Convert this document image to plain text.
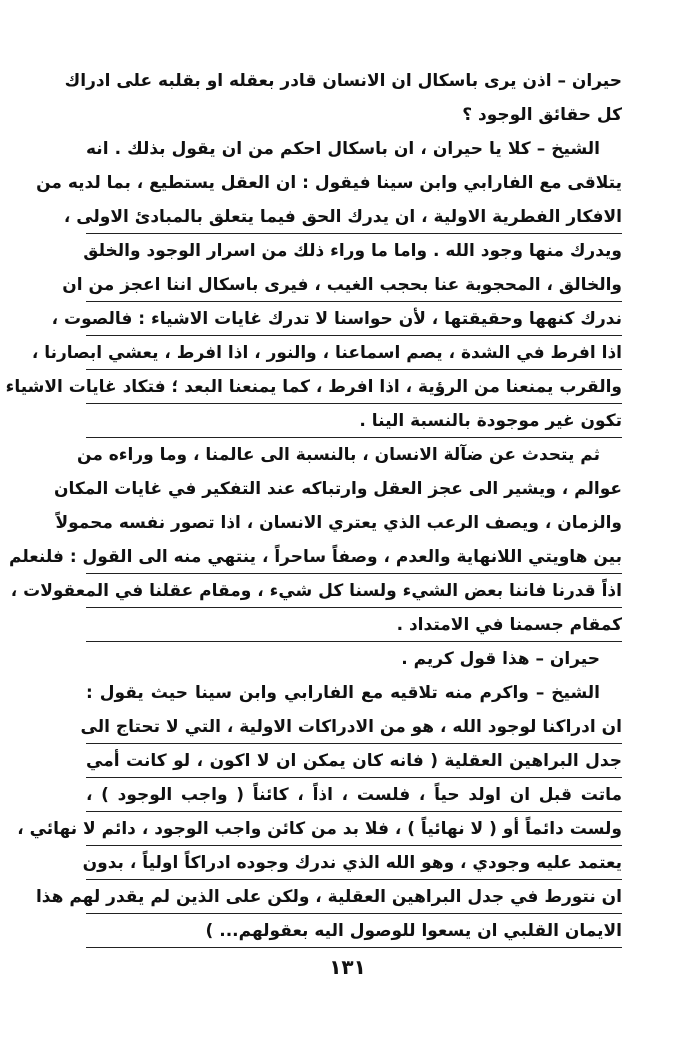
حيران – اذن يرى باسكال ان الانسان قادر بعقله او بقلبه على ادراك
كل حقائق الوجود ؟
الشيخ – كلا يا حيران ، ان باسكال احكم من ان يقول بذلك . انه
يتلاقى مع الفارابي وابن سينا فيقول : ان العقل يستطيع ، بما لديه من
الافكار الفطرية الاولية ، ان يدرك الحق فيما يتعلق بالمبادئ الاولى ،
ويدرك منها وجود الله . واما ما وراء ذلك من اسرار الوجود والخلق
والخالق ، المحجوبة عنا بحجب الغيب ، فيرى باسكال اننا اعجز من ان
ندرك كنهها وحقيقتها ، لأن حواسنا لا تدرك غايات الاشياء : فالصوت ،
اذا افرط في الشدة ، يصم اسماعنا ، والنور ، اذا افرط ، يعشي ابصارنا ،
والقرب يمنعنا من الرؤية ، اذا افرط ، كما يمنعنا البعد ؛ فتكاد غايات الاشياء
تكون غير موجودة بالنسبة الينا .
ثم يتحدث عن ضآلة الانسان ، بالنسبة الى عالمنا ، وما وراءه من
عوالم ، ويشير الى عجز العقل وارتباكه عند التفكير في غايات المكان
والزمان ، ويصف الرعب الذي يعتري الانسان ، اذا تصور نفسه محمولاً
بين هاويتي اللانهاية والعدم ، وصفاً ساحراً ، ينتهي منه الى القول : فلنعلم
اذاً قدرنا فاننا بعض الشيء ولسنا كل شيء ، ومقام عقلنا في المعقولات ،
كمقام جسمنا في الامتداد .
حيران – هذا قول كريم .
الشيخ – واكرم منه تلاقيه مع الفارابي وابن سينا حيث يقول :
ان ادراكنا لوجود الله ، هو من الادراكات الاولية ، التي لا تحتاج الى
جدل البراهين العقلية ( فانه كان يمكن ان لا اكون ، لو كانت أمي
ماتت قبل ان اولد حياً ، فلست ، اذاً ، كائناً ( واجب الوجود ) ،
ولست دائماً أو ( لا نهائياً ) ، فلا بد من كائن واجب الوجود ، دائم لا نهائي ،
يعتمد عليه وجودي ، وهو الله الذي ندرك وجوده ادراكاً اولياً ، بدون
ان نتورط في جدل البراهين العقلية ، ولكن على الذين لم يقدر لهم هذا
الايمان القلبي ان يسعوا للوصول اليه بعقولهم... )
١٣١
